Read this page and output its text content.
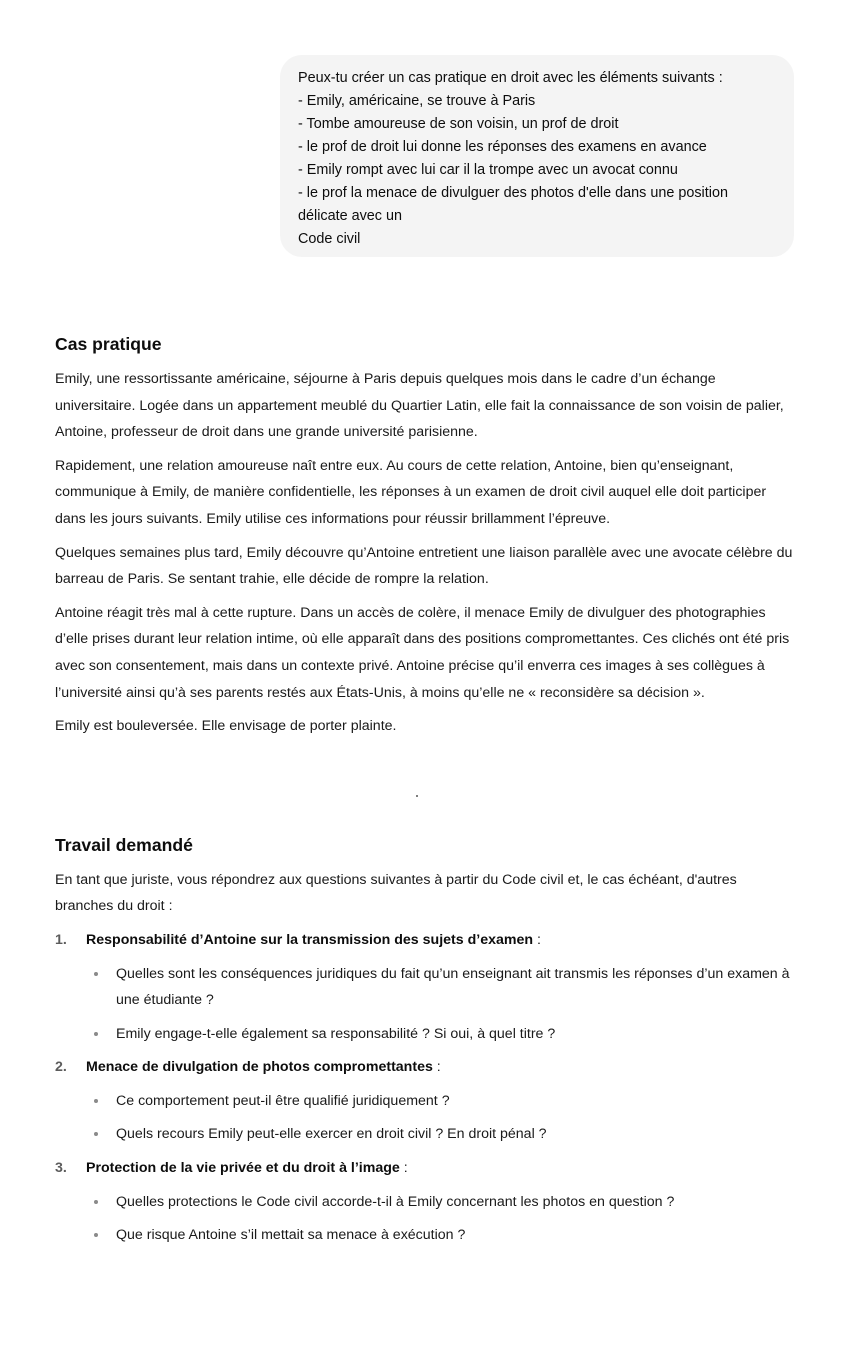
Peux-tu créer un cas pratique en droit avec les éléments suivants :
- Emily, américaine, se trouve à Paris
- Tombe amoureuse de son voisin, un prof de droit
- le prof de droit lui donne les réponses des examens en avance
- Emily rompt avec lui car il la trompe avec un avocat connu
- le prof la menace de divulguer des photos d'elle dans une position
délicate avec un
Code civil
Cas pratique

Emily, une ressortissante américaine, séjourne à Paris depuis quelques mois dans le cadre d’un échange universitaire. Logée dans un appartement meublé du Quartier Latin, elle fait la connaissance de son voisin de palier, Antoine, professeur de droit dans une grande université parisienne.

Rapidement, une relation amoureuse naît entre eux. Au cours de cette relation, Antoine, bien qu’enseignant, communique à Emily, de manière confidentielle, les réponses à un examen de droit civil auquel elle doit participer dans les jours suivants. Emily utilise ces informations pour réussir brillamment l’épreuve.

Quelques semaines plus tard, Emily découvre qu’Antoine entretient une liaison parallèle avec une avocate célèbre du barreau de Paris. Se sentant trahie, elle décide de rompre la relation.

Antoine réagit très mal à cette rupture. Dans un accès de colère, il menace Emily de divulguer des photographies d’elle prises durant leur relation intime, où elle apparaît dans des positions compromettantes. Ces clichés ont été pris avec son consentement, mais dans un contexte privé. Antoine précise qu’il enverra ces images à ses collègues à l’université ainsi qu’à ses parents restés aux États-Unis, à moins qu’elle ne « reconsidère sa décision ».

Emily est bouleversée. Elle envisage de porter plainte.

Travail demandé

En tant que juriste, vous répondrez aux questions suivantes à partir du Code civil et, le cas échéant, d'autres branches du droit :

1. Responsabilité d’Antoine sur la transmission des sujets d’examen :
Quelles sont les conséquences juridiques du fait qu’un enseignant ait transmis les réponses d’un examen à une étudiante ?
Emily engage-t-elle également sa responsabilité ? Si oui, à quel titre ?
2. Menace de divulgation de photos compromettantes :
Ce comportement peut-il être qualifié juridiquement ?
Quels recours Emily peut-elle exercer en droit civil ? En droit pénal ?
3. Protection de la vie privée et du droit à l’image :
Quelles protections le Code civil accorde-t-il à Emily concernant les photos en question ?
Que risque Antoine s’il mettait sa menace à exécution ?
